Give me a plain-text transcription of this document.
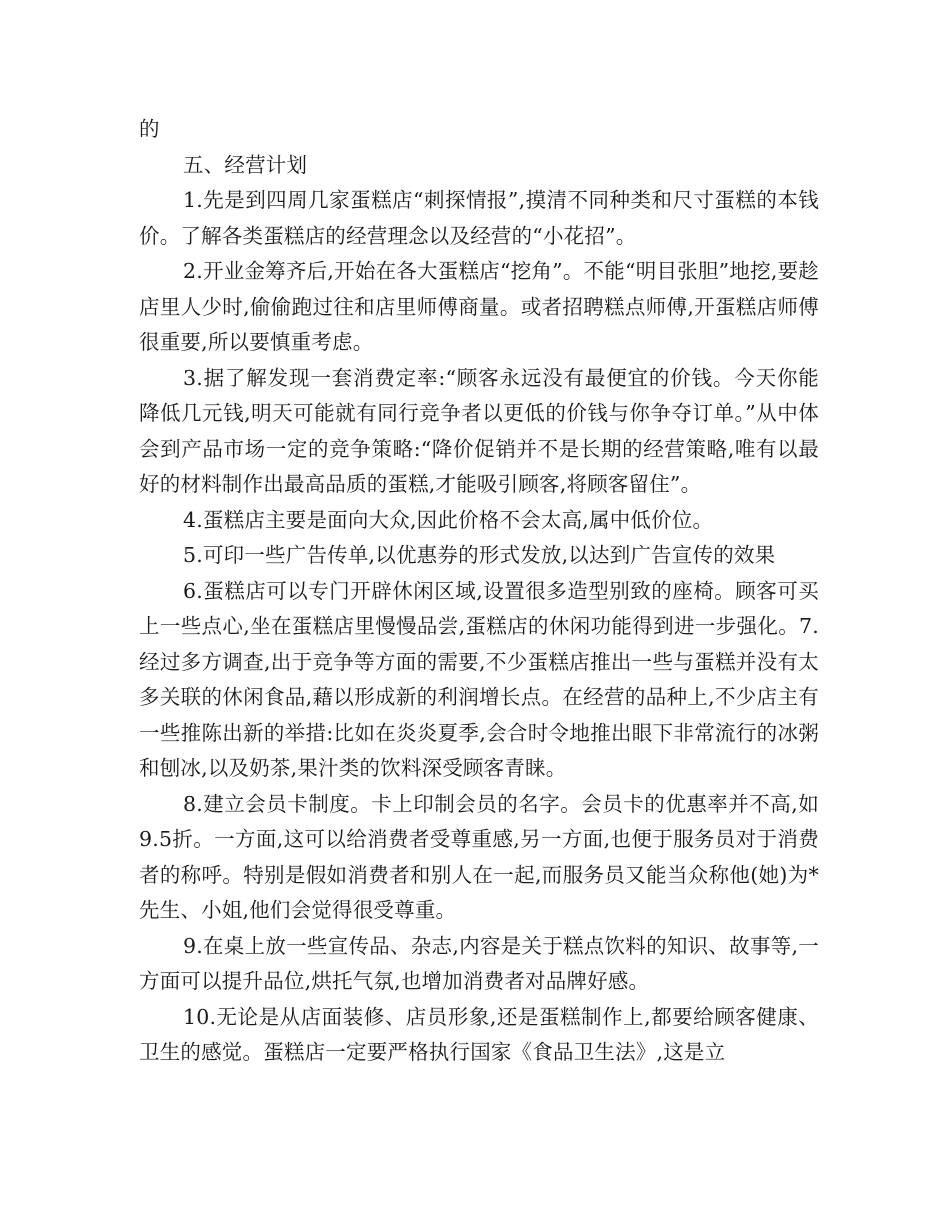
的

五、经营计划

1.先是到四周几家蛋糕店“刺探情报”,摸清不同种类和尺寸蛋糕的本钱价。了解各类蛋糕店的经营理念以及经营的“小花招”。

2.开业金筹齐后,开始在各大蛋糕店“挖角”。不能“明目张胆”地挖,要趁店里人少时,偷偷跑过往和店里师傅商量。或者招聘糕点师傅,开蛋糕店师傅很重要,所以要慎重考虑。

3.据了解发现一套消费定率:“顾客永远没有最便宜的价钱。今天你能降低几元钱,明天可能就有同行竞争者以更低的价钱与你争夺订单。”从中体会到产品市场一定的竞争策略:“降价促销并不是长期的经营策略,唯有以最好的材料制作出最高品质的蛋糕,才能吸引顾客,将顾客留住”。

4.蛋糕店主要是面向大众,因此价格不会太高,属中低价位。

5.可印一些广告传单,以优惠券的形式发放,以达到广告宣传的效果

6.蛋糕店可以专门开辟休闲区域,设置很多造型别致的座椅。顾客可买上一些点心,坐在蛋糕店里慢慢品尝,蛋糕店的休闲功能得到进一步强化。7.经过多方调查,出于竞争等方面的需要,不少蛋糕店推出一些与蛋糕并没有太多关联的休闲食品,藉以形成新的利润增长点。在经营的品种上,不少店主有一些推陈出新的举措:比如在炎炎夏季,会合时令地推出眼下非常流行的冰粥和刨冰,以及奶茶,果汁类的饮料深受顾客青睐。

8.建立会员卡制度。卡上印制会员的名字。会员卡的优惠率并不高,如9.5折。一方面,这可以给消费者受尊重感,另一方面,也便于服务员对于消费者的称呼。特别是假如消费者和别人在一起,而服务员又能当众称他(她)为*先生、小姐,他们会觉得很受尊重。

9.在桌上放一些宣传品、杂志,内容是关于糕点饮料的知识、故事等,一方面可以提升品位,烘托气氛,也增加消费者对品牌好感。

10.无论是从店面装修、店员形象,还是蛋糕制作上,都要给顾客健康、卫生的感觉。蛋糕店一定要严格执行国家《食品卫生法》,这是立
